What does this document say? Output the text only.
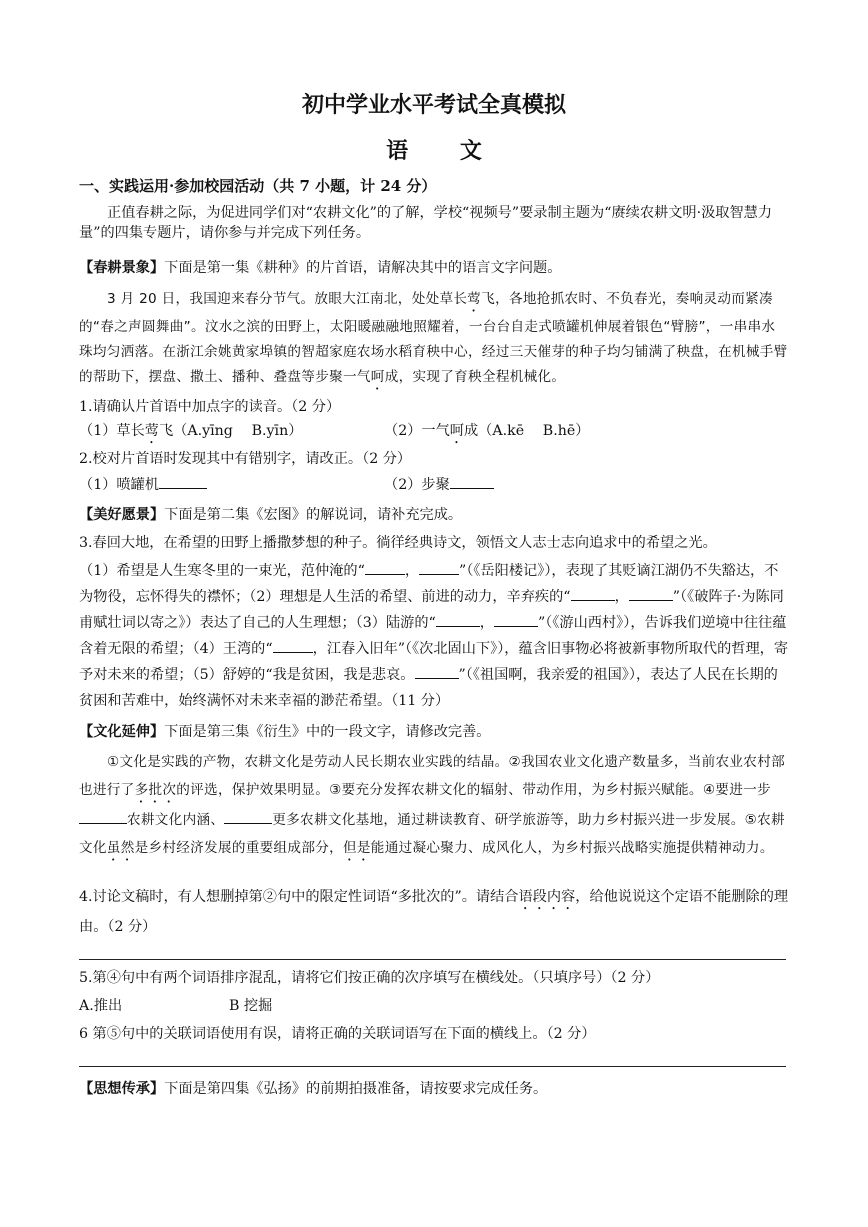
初中学业水平考试全真模拟
语 文
一、实践运用·参加校园活动（共 7 小题，计 24 分）
正值春耕之际，为促进同学们对“农耕文化”的了解，学校“视频号”要录制主题为“赓续农耕文明·汲取智慧力量”的四集专题片，请你参与并完成下列任务。
【春耕景象】下面是第一集《耕种》的片首语，请解决其中的语言文字问题。
3 月 20 日，我国迎来春分节气。放眼大江南北，处处草长莺飞，各地抢抓农时、不负春光，奏响灵动而紧凑的“春之声圆舞曲”。汶水之滨的田野上，太阳暖融融地照耀着，一台台自走式喷罐机伸展着银色“臂膀”，一串串水珠均匀洒落。在浙江余姚黄家埠镇的智超家庭农场水稻育秧中心，经过三天催芽的种子均匀铺满了秧盘，在机械手臂的帮助下，摆盘、撒土、播种、叠盘等步聚一气呵成，实现了育秧全程机械化。
1.请确认片首语中加点字的读音。（2 分）
（1）草长莺飞（A.yīng　 B.yīn）	（2）一气呵成（A.kē　 B.hē）
2.校对片首语时发现其中有错别字，请改正。（2 分）
（1）喷罐机	（2）步聚
【美好愿景】下面是第二集《宏图》的解说词，请补充完成。
3.春回大地，在希望的田野上播撒梦想的种子。徜徉经典诗文，领悟文人志士志向追求中的希望之光。
（1）希望是人生寒冬里的一束光，范仲淹的“	，	”（《岳阳楼记》），表现了其贬谪江湖仍不失豁达，不为物役，忘怀得失的襟怀；（2）理想是人生活的希望、前进的动力，辛弃疾的“	，	”（《破阵子·为陈同甫赋壮词以寄之》）表达了自己的人生理想；（3）陆游的“	，	”（《游山西村》），告诉我们逆境中往往蕴含着无限的希望；（4）王湾的“	，江春入旧年”（《次北固山下》），蕴含旧事物必将被新事物所取代的哲理，寄予对未来的希望；（5）舒婷的“我是贫困，我是悲哀。	”（《祖国啊，我亲爱的祖国》），表达了人民在长期的贫困和苦难中，始终满怀对未来幸福的渺茫希望。（11 分）
【文化延伸】下面是第三集《衍生》中的一段文字，请修改完善。
①文化是实践的产物，农耕文化是劳动人民长期农业实践的结晶。②我国农业文化遗产数量多，当前农业农村部也进行了多批次的评选，保护效果明显。③要充分发挥农耕文化的辐射、带动作用，为乡村振兴赋能。④要进一步农耕文化内涵、	更多农耕文化基地，通过耕读教育、研学旅游等，助力乡村振兴进一步发展。⑤农耕文化虽然是乡村经济发展的重要组成部分，但是能通过凝心聚力、成风化人，为乡村振兴战略实施提供精神动力。
4.讨论文稿时，有人想删掉第②句中的限定性词语“多批次的”。请结合语段内容，给他说说这个定语不能删除的理由。（2 分）
5.第④句中有两个词语排序混乱，请将它们按正确的次序填写在横线处。（只填序号）（2 分）
A.推出	B 挖掘
6 第⑤句中的关联词语使用有误，请将正确的关联词语写在下面的横线上。（2 分）
【思想传承】下面是第四集《弘扬》的前期拍摄准备，请按要求完成任务。
